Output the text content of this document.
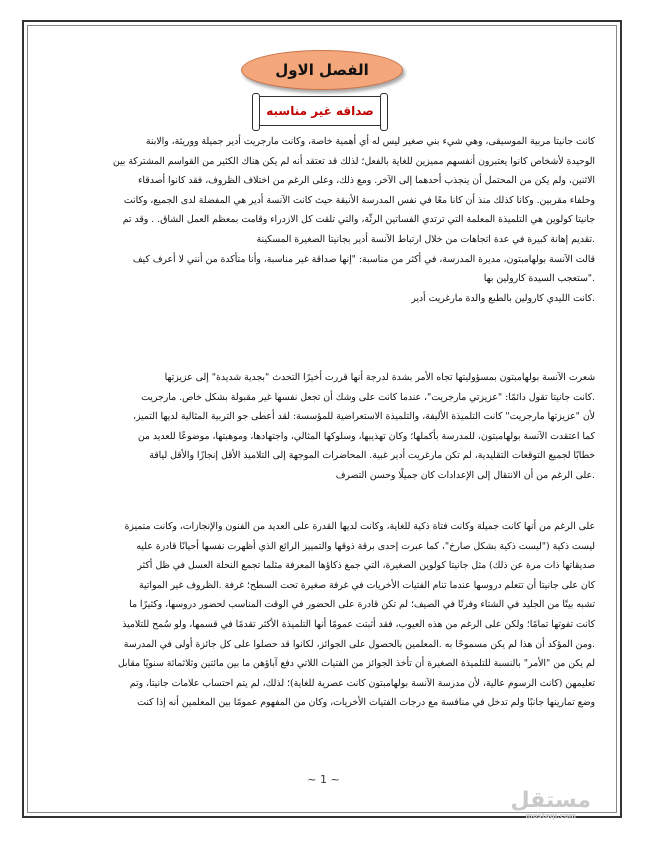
الفصل الاول
صداقه غير مناسبه
كانت جانيتا مربية الموسيقى، وهي شيء بني صغير ليس له أي أهمية خاصة، وكانت مارجريت أدير جميلة ووريثة، والابنة
الوحيدة لأشخاص كانوا يعتبرون أنفسهم مميزين للغاية بالفعل؛ لذلك قد تعتقد أنه لم يكن هناك الكثير من القواسم المشتركة بين
الاثنين، ولم يكن من المحتمل أن ينجذب أحدهما إلى الآخر. ومع ذلك، وعلى الرغم من اختلاف الظروف، فقد كانوا أصدقاء
وحلفاء مقربين. وكانا كذلك منذ أن كانا معًا في نفس المدرسة الأنيقة حيث كانت الآنسة أدير هي المفضلة لدى الجميع، وكانت
جانيتا كولوين هي التلميذة المعلمة التي ترتدي الفساتين الرثّة، والتي تلقت كل الازدراء وقامت بمعظم العمل الشاق. . وقد تم
.تقديم إهانة كبيرة في عدة اتجاهات من خلال ارتباط الآنسة أدير بجانيتا الصغيرة المسكينة
قالت الآنسة بولهامبتون، مديرة المدرسة، في أكثر من مناسبة: "إنها صداقة غير مناسبة، وأنا متأكدة من أنني لا أعرف كيف
."ستعجب السيدة كارولين بها
.كانت الليدي كارولين بالطبع والدة مارغريت أدير
شعرت الآنسة بولهامبتون بمسؤوليتها تجاه الأمر بشدة لدرجة أنها قررت أخيرًا التحدث "بجدية شديدة" إلى عزيزتها
.كانت جانيتا تقول دائمًا: "عزيزتي مارجريت"، عندما كانت على وشك أن تجعل نفسها غير مقبولة بشكل خاص. مارجريت
لأن "عزيزتها مارجريت" كانت التلميذة الأليفة، والتلميذة الاستعراضية للمؤسسة: لقد أعطى جو التربية المثالية لديها التميز،
كما اعتقدت الآنسة بولهامبتون، للمدرسة بأكملها؛ وكان تهذيبها، وسلوكها المثالي، واجتهادها، وموهبتها، موضوعًا للعديد من
خطابًا لجميع التوقعات التقليدية، لم تكن مارغريت أدير غبية. المحاضرات الموجهة إلى التلاميذ الأقل إنجازًا والأقل لياقة
.على الرغم من أن الانتقال إلى الإعدادات كان جميلًا وحسن التصرف
على الرغم من أنها كانت جميلة وكانت فتاة ذكية للغاية، وكانت لديها القدرة على العديد من الفنون والإنجازات، وكانت متميزة
ليست ذكية ("ليست ذكية بشكل صارخ"، كما عبرت إحدى برقة ذوقها والتمييز الرائع الذي أظهرت نفسها أحيانًا قادرة عليه
صديقاتها ذات مرة عن ذلك) مثل جانيتا كولوين الصغيرة، التي جمع ذكاؤها المعرفة مثلما تجمع النحلة العسل في ظل أكثر
كان على جانيتا أن تتعلم دروسها عندما تنام الفتيات الأخريات في غرفة صغيرة تحت السطح؛ غرفة .الظروف غير المواتية
تشبه بيتًا من الجليد في الشتاء وفرنًا في الصيف؛ لم تكن قادرة على الحضور في الوقت المناسب لحضور دروسها، وكثيرًا ما
كانت تفوتها تمامًا؛ ولكن على الرغم من هذه العيوب، فقد أثبتت عمومًا أنها التلميذة الأكثر تقدمًا في قسمها، ولو سُمح للتلاميذ
.ومن المؤكد أن هذا لم يكن مسموحًا به .المعلمين بالحصول على الجوائز، لكانوا قد حصلوا على كل جائزة أولى في المدرسة
لم يكن من "الأمر" بالنسبة للتلميذة الصغيرة أن تأخذ الجوائز من الفتيات اللاتي دفع آباؤهن ما بين مائتين وثلاثمائة سنويًا مقابل
تعليمهن (كانت الرسوم عالية، لأن مدرسة الآنسة بولهامبتون كانت عصرية للغاية)؛ لذلك، لم يتم احتساب علامات جانيتا، وتم
وضع تمارينها جانبًا ولم تدخل في منافسة مع درجات الفتيات الأخريات، وكان من المفهوم عمومًا بين المعلمين أنه إذا كنت
~ 1 ~
مستقل
mostaql.com
